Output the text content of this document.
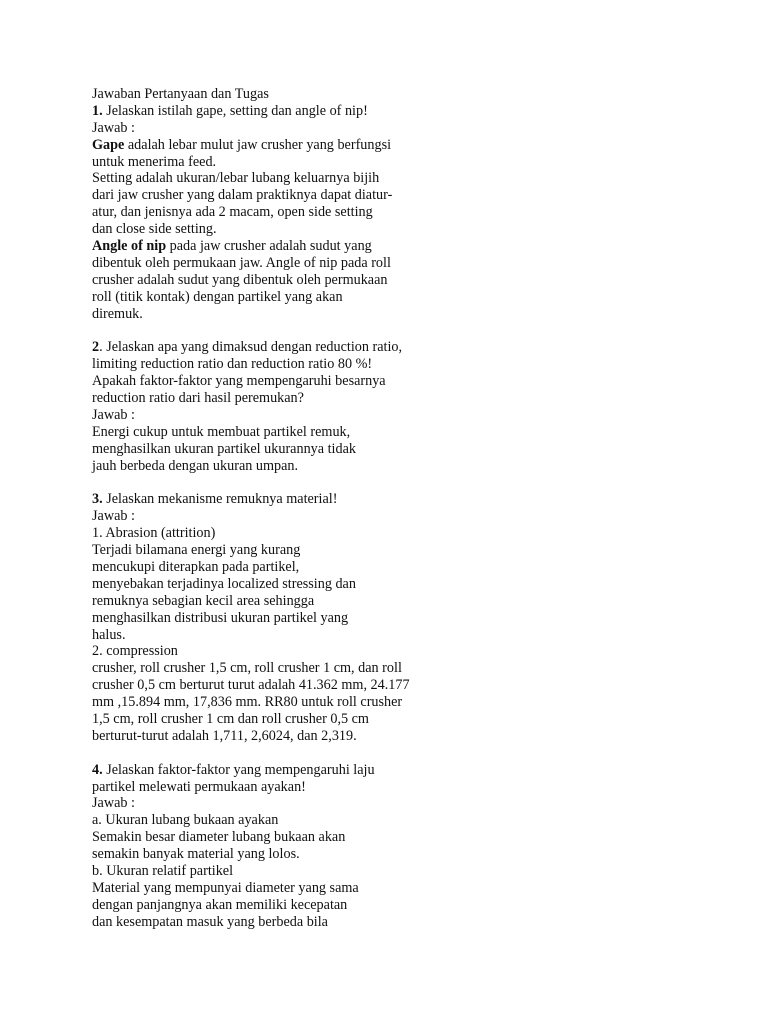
Jawaban Pertanyaan dan Tugas
1. Jelaskan istilah gape, setting dan angle of nip!
Jawab :
Gape adalah lebar mulut jaw crusher yang berfungsi
untuk menerima feed.
Setting adalah ukuran/lebar lubang keluarnya bijih
dari jaw crusher yang dalam praktiknya dapat diatur-
atur, dan jenisnya ada 2 macam, open side setting
dan close side setting.
Angle of nip pada jaw crusher adalah sudut yang
dibentuk oleh permukaan jaw. Angle of nip pada roll
crusher adalah sudut yang dibentuk oleh permukaan
roll (titik kontak) dengan partikel yang akan
diremuk.
2. Jelaskan apa yang dimaksud dengan reduction ratio,
limiting reduction ratio dan reduction ratio 80 %!
Apakah faktor-faktor yang mempengaruhi besarnya
reduction ratio dari hasil peremukan?
Jawab :
Energi cukup untuk membuat partikel remuk,
menghasilkan ukuran partikel ukurannya tidak
jauh berbeda dengan ukuran umpan.
3. Jelaskan mekanisme remuknya material!
Jawab :
1. Abrasion (attrition)
Terjadi bilamana energi yang kurang
mencukupi diterapkan pada partikel,
menyebakan terjadinya localized stressing dan
remuknya sebagian kecil area sehingga
menghasilkan distribusi ukuran partikel yang
halus.
2. compression
crusher, roll crusher 1,5 cm, roll crusher 1 cm, dan roll
crusher 0,5 cm berturut turut adalah 41.362 mm, 24.177
mm ,15.894 mm, 17,836 mm. RR80 untuk roll crusher
1,5 cm, roll crusher 1 cm dan roll crusher 0,5 cm
berturut-turut adalah 1,711, 2,6024, dan 2,319.
4. Jelaskan faktor-faktor yang mempengaruhi laju
partikel melewati permukaan ayakan!
Jawab :
a. Ukuran lubang bukaan ayakan
Semakin besar diameter lubang bukaan akan
semakin banyak material yang lolos.
b. Ukuran relatif partikel
Material yang mempunyai diameter yang sama
dengan panjangnya akan memiliki kecepatan
dan kesempatan masuk yang berbeda bila
